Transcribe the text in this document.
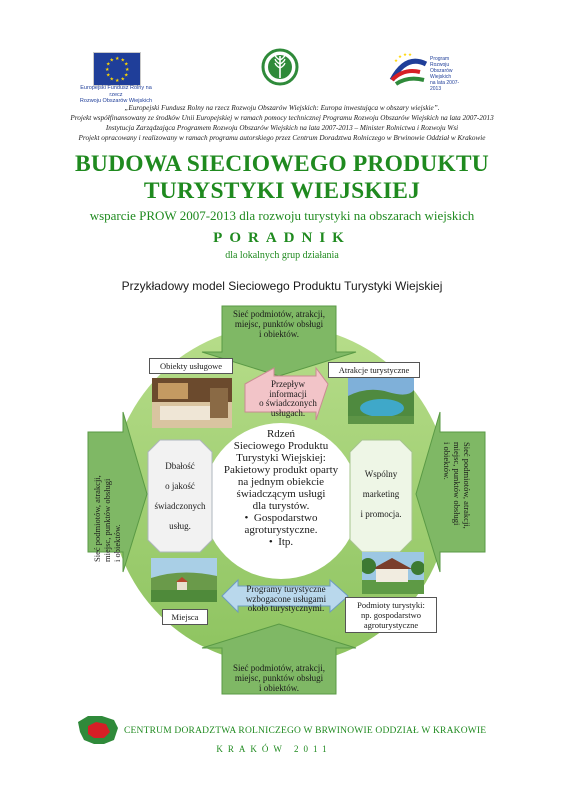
★ ★
★
★
★
★
★
★
★
★
★
★
Europejski Fundusz Rolny na rzecz
Rozwoju Obszarów Wiejskich
★
★ ★ ★
Program
Rozwoju
Obszarów
Wiejskich
na lata 2007-2013
„Europejski Fundusz Rolny na rzecz Rozwoju Obszarów Wiejskich: Europa inwestująca w obszary wiejskie”.
Projekt współfinansowany ze środków Unii Europejskiej w ramach pomocy technicznej Programu Rozwoju Obszarów Wiejskich na lata 2007-2013
Instytucja Zarządzająca Programem Rozwoju Obszarów Wiejskich na lata 2007-2013 – Minister Rolnictwa i Rozwoju Wsi
Projekt opracowany i realizowany w ramach programu autorskiego przez Centrum Doradztwa Rolniczego w Brwinowie Oddział w Krakowie
BUDOWA SIECIOWEGO PRODUKTU
TURYSTYKI WIEJSKIEJ
wsparcie PROW 2007-2013 dla rozwoju turystyki na obszarach wiejskich
PORADNIK
dla lokalnych grup działania
Przykładowy model Sieciowego Produktu Turystyki Wiejskiej
Obiekty usługowe	Atrakcje turystyczne
Miejsca
Podmioty turystyki:
np. gospodarstwo
agroturystyczne
Sieć podmiotów, atrakcji,
miejsc, punktów obsługi
i obiektów.
Sieć podmiotów, atrakcji,
miejsc, punktów obsługi
i obiektów.
Sieć podmiotów, atrakcji, miejsc, punktów obsługi i obiektów.
Sieć podmiotów, atrakcji,
miejsc, punktów obsługi
i obiektów.
Przepływ
informacji
o świadczonych
usługach.
Programy turystyczne
wzbogacone usługami
około turystycznymi.
Dbałość
o jakość
świadczonych
usług.
Wspólny
marketing
i promocja.
Rdzeń
Sieciowego Produktu
Turystyki Wiejskiej:
Pakietowy produkt oparty
na jednym obiekcie
świadczącym usługi
dla turystów.
•  Gospodarstwo
agroturystyczne.
•  Itp.
CENTRUM DORADZTWA ROLNICZEGO W BRWINOWIE ODDZIAŁ W KRAKOWIE
KRAKÓW 2011
